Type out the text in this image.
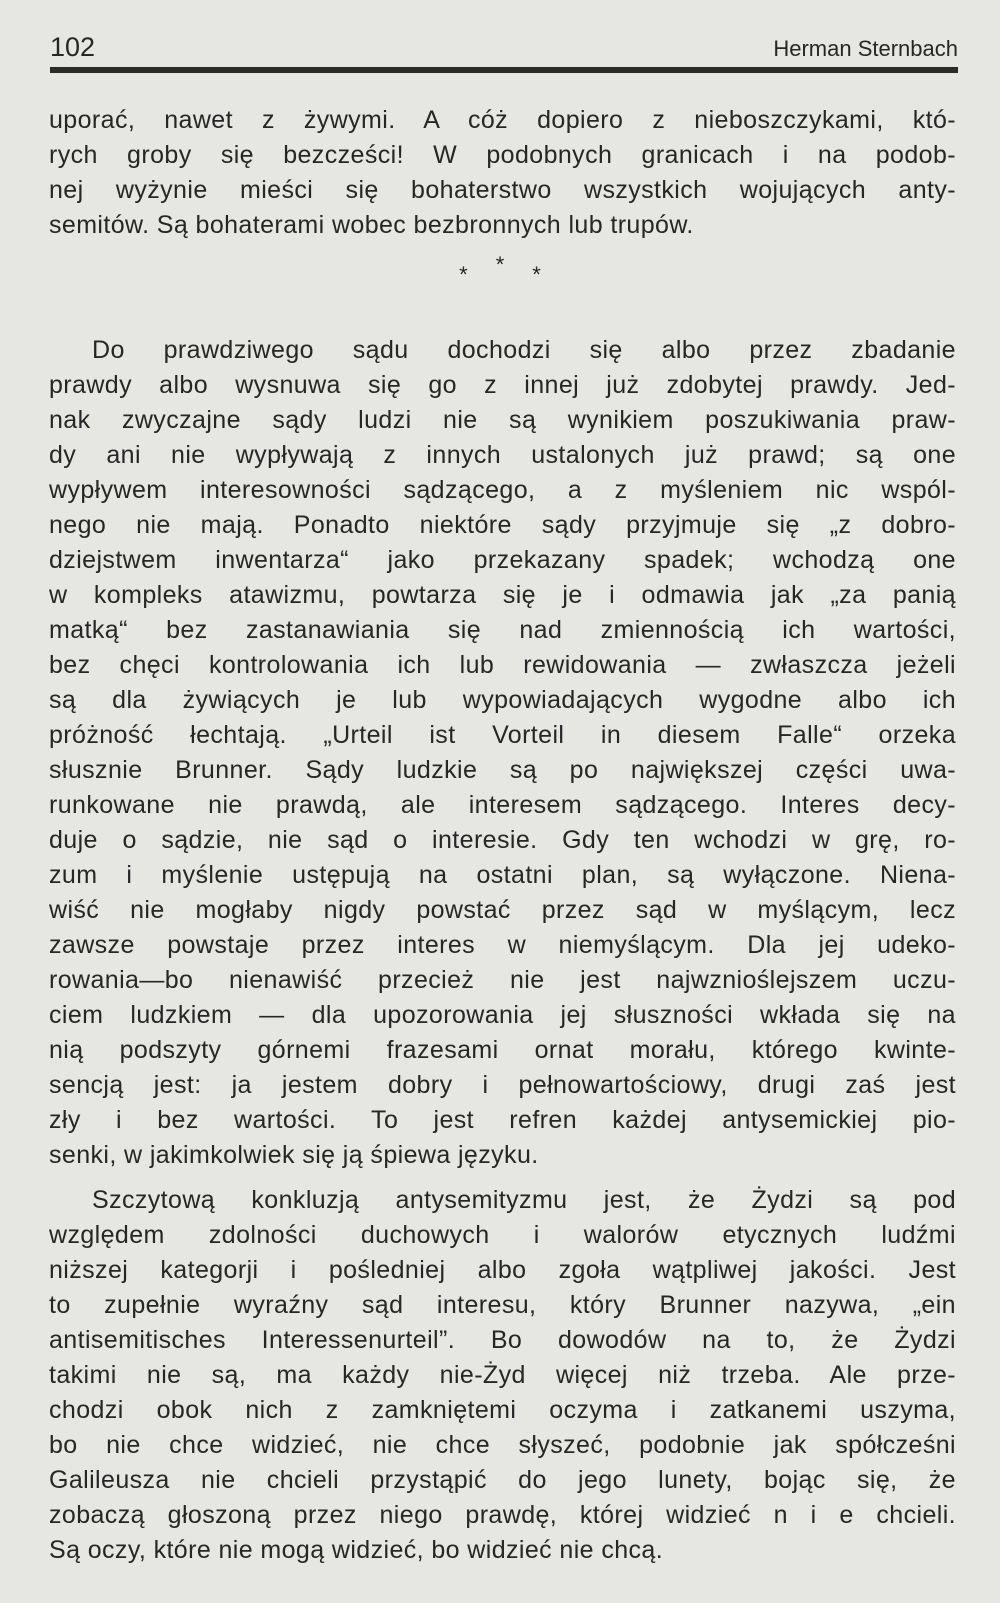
102	Herman Sternbach
uporać, nawet z żywymi. A cóż dopiero z nieboszczykami, któ-
rych groby się bezcześci! W podobnych granicach i na podob-
nej wyżynie mieści się bohaterstwo wszystkich wojujących anty-
semitów. Są bohaterami wobec bezbronnych lub trupów.
* * *
Do prawdziwego sądu dochodzi się albo przez zbadanie
prawdy albo wysnuwa się go z innej już zdobytej prawdy. Jed-
nak zwyczajne sądy ludzi nie są wynikiem poszukiwania praw-
dy ani nie wypływają z innych ustalonych już prawd; są one
wypływem interesowności sądzącego, a z myśleniem nic wspól-
nego nie mają. Ponadto niektóre sądy przyjmuje się „z dobro-
dziejstwem inwentarza“ jako przekazany spadek; wchodzą one
w kompleks atawizmu, powtarza się je i odmawia jak „za panią
matką“ bez zastanawiania się nad zmiennością ich wartości,
bez chęci kontrolowania ich lub rewidowania — zwłaszcza jeżeli
są dla żywiących je lub wypowiadających wygodne albo ich
próżność łechtają. „Urteil ist Vorteil in diesem Falle“ orzeka
słusznie Brunner. Sądy ludzkie są po największej części uwa-
runkowane nie prawdą, ale interesem sądzącego. Interes decy-
duje o sądzie, nie sąd o interesie. Gdy ten wchodzi w grę, ro-
zum i myślenie ustępują na ostatni plan, są wyłączone. Niena-
wiść nie mogłaby nigdy powstać przez sąd w myślącym, lecz
zawsze powstaje przez interes w niemyślącym. Dla jej udeko-
rowania—bo nienawiść przecież nie jest najwznioślejszem uczu-
ciem ludzkiem — dla upozorowania jej słuszności wkłada się na
nią podszyty górnemi frazesami ornat morału, którego kwinte-
sencją jest: ja jestem dobry i pełnowartościowy, drugi zaś jest
zły i bez wartości. To jest refren każdej antysemickiej pio-
senki, w jakimkolwiek się ją śpiewa języku.
Szczytową konkluzją antysemityzmu jest, że Żydzi są pod
względem zdolności duchowych i walorów etycznych ludźmi
niższej kategorji i pośledniej albo zgoła wątpliwej jakości. Jest
to zupełnie wyraźny sąd interesu, który Brunner nazywa, „ein
antisemitisches Interessenurteil”. Bo dowodów na to, że Żydzi
takimi nie są, ma każdy nie-Żyd więcej niż trzeba. Ale prze-
chodzi obok nich z zamkniętemi oczyma i zatkanemi uszyma,
bo nie chce widzieć, nie chce słyszeć, podobnie jak spółcześni
Galileusza nie chcieli przystąpić do jego lunety, bojąc się, że
zobaczą głoszoną przez niego prawdę, której widzieć n i e chcieli.
Są oczy, które nie mogą widzieć, bo widzieć nie chcą.
